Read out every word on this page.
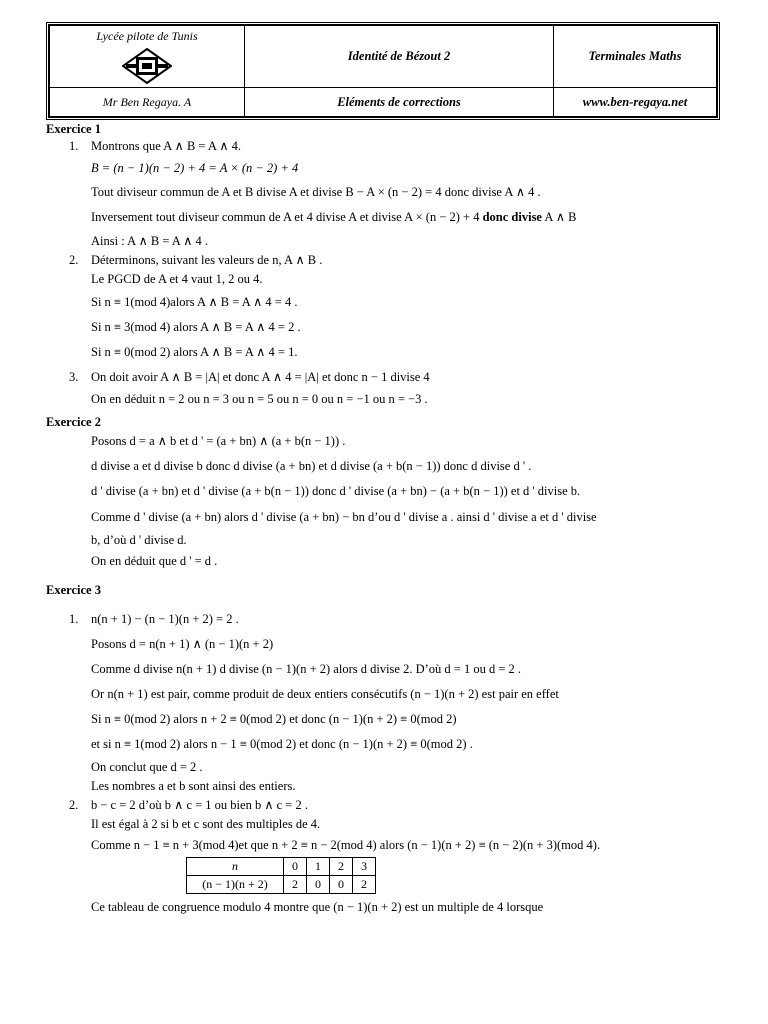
Lycée pilote de Tunis	Identité de Bézout 2	Terminales Maths
Mr Ben Regaya. A	Eléments de corrections	www.ben-regaya.net
Exercice 1
1. Montrons que A ∧ B = A ∧ 4.
B = (n − 1)(n − 2) + 4 = A × (n − 2) + 4
Tout diviseur commun de A et B divise A et divise B − A × (n − 2) = 4 donc divise A ∧ 4 .
Inversement tout diviseur commun de A et 4 divise A et divise A × (n − 2) + 4 donc divise A ∧ B
Ainsi : A ∧ B = A ∧ 4 .
2. Déterminons, suivant les valeurs de n, A ∧ B .
Le PGCD de A et 4 vaut 1, 2 ou 4.
Si n ≡ 1(mod 4)alors A ∧ B = A ∧ 4 = 4 .
Si n ≡ 3(mod 4) alors A ∧ B = A ∧ 4 = 2 .
Si n ≡ 0(mod 2) alors A ∧ B = A ∧ 4 = 1.
3. On doit avoir A ∧ B = |A| et donc A ∧ 4 = |A| et donc n − 1 divise 4
On en déduit n = 2 ou n = 3 ou n = 5 ou n = 0 ou n = −1 ou n = −3 .
Exercice 2
Posons d = a ∧ b et d ' = (a + bn) ∧ (a + b(n − 1)) .
d divise a et d divise b donc d divise (a + bn) et d divise (a + b(n − 1)) donc d divise d ' .
d ' divise (a + bn) et d ' divise (a + b(n − 1)) donc d ' divise (a + bn) − (a + b(n − 1)) et d ' divise b.
Comme d ' divise (a + bn) alors d ' divise (a + bn) − bn d’ou d ' divise a . ainsi d ' divise a et d ' divise
b, d’où d ' divise d.
On en déduit que d ' = d .
Exercice 3
1. n(n + 1) − (n − 1)(n + 2) = 2 .
Posons d = n(n + 1) ∧ (n − 1)(n + 2)
Comme d divise n(n + 1) d divise (n − 1)(n + 2) alors d divise 2. D’où d = 1 ou d = 2 .
Or n(n + 1) est pair, comme produit de deux entiers consécutifs (n − 1)(n + 2) est pair en effet
Si n ≡ 0(mod 2) alors n + 2 ≡ 0(mod 2) et donc (n − 1)(n + 2) ≡ 0(mod 2)
et si n ≡ 1(mod 2) alors n − 1 ≡ 0(mod 2) et donc (n − 1)(n + 2) ≡ 0(mod 2) .
On conclut que d = 2 .
Les nombres a et b sont ainsi des entiers.
2. b − c = 2 d’où b ∧ c = 1 ou bien b ∧ c = 2 .
Il est égal à 2 si b et c sont des multiples de 4.
Comme n − 1 ≡ n + 3(mod 4)et que n + 2 ≡ n − 2(mod 4) alors (n − 1)(n + 2) ≡ (n − 2)(n + 3)(mod 4).
n	0	1	2	3
(n − 1)(n + 2)	2	0	0	2
Ce tableau de congruence modulo 4 montre que (n − 1)(n + 2) est un multiple de 4 lorsque
